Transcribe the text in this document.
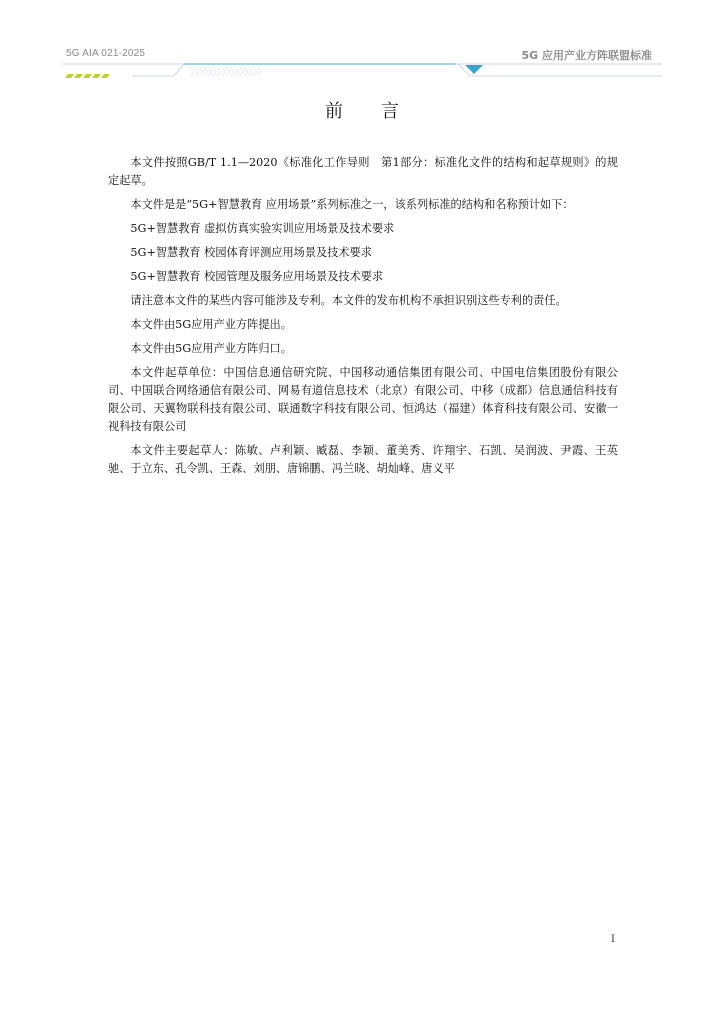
5G AIA 021-2025	5G 应用产业方阵联盟标准
〉〉〉〉〉〉〉〉〉〉〉〉〉〉〉〉
前言

本文件按照GB/T 1.1—2020《标准化工作导则　第1部分：标准化文件的结构和起草规则》的规定起草。

本文件是是“5G+智慧教育 应用场景”系列标准之一，该系列标准的结构和名称预计如下：

5G+智慧教育 虚拟仿真实验实训应用场景及技术要求

5G+智慧教育 校园体育评测应用场景及技术要求

5G+智慧教育 校园管理及服务应用场景及技术要求

请注意本文件的某些内容可能涉及专利。本文件的发布机构不承担识别这些专利的责任。

本文件由5G应用产业方阵提出。

本文件由5G应用产业方阵归口。

本文件起草单位：中国信息通信研究院、中国移动通信集团有限公司、中国电信集团股份有限公司、中国联合网络通信有限公司、网易有道信息技术（北京）有限公司、中移（成都）信息通信科技有限公司、天翼物联科技有限公司、联通数字科技有限公司、恒鸿达（福建）体育科技有限公司、安徽一视科技有限公司

本文件主要起草人：陈敏、卢利颖、臧磊、李颖、董美秀、许翔宇、石凯、吴润波、尹霞、王英驰、于立东、孔令凯、王森、刘朋、唐锦鹏、冯兰晓、胡灿峰、唐义平

I
